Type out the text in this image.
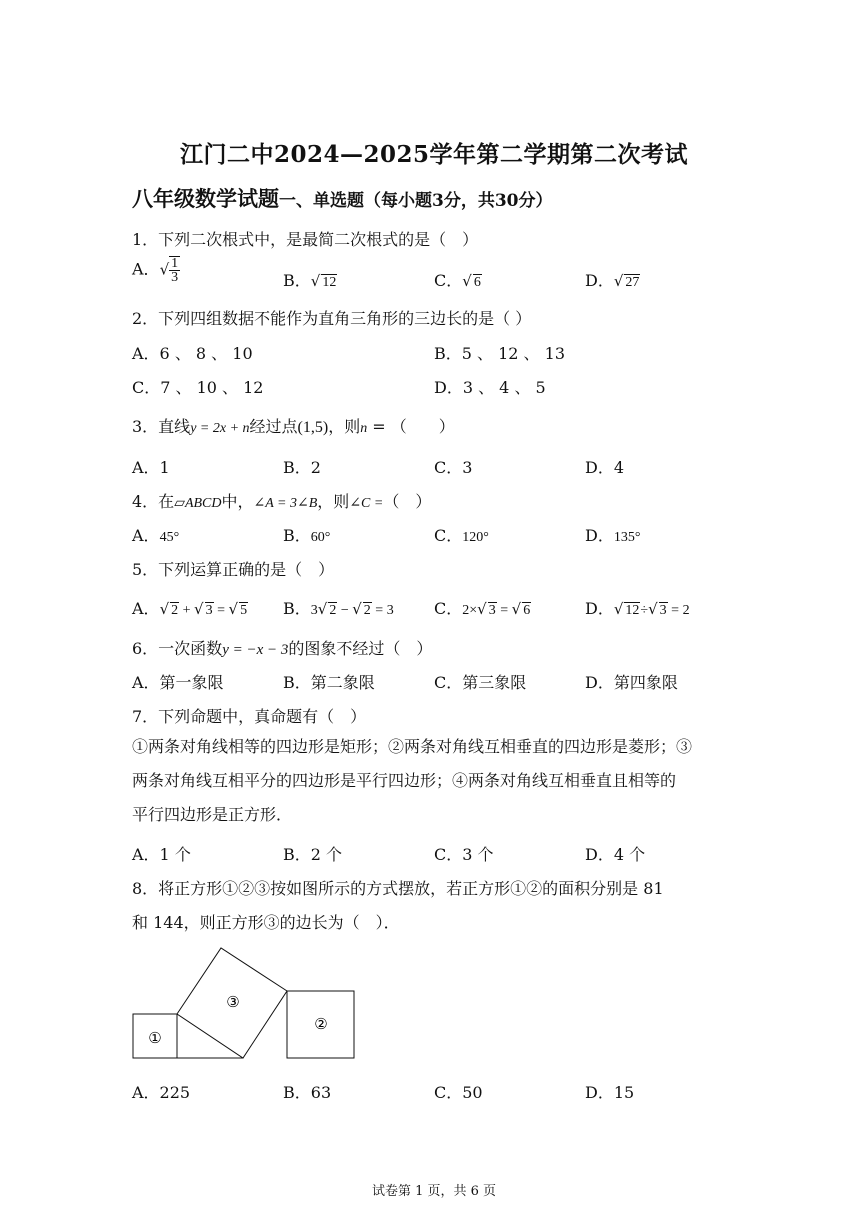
江门二中2024—2025学年第二学期第二次考试
八年级数学试题一、单选题（每小题3分，共30分）
1．下列二次根式中，是最简二次根式的是（　）
A．√ $\frac{1}{3}$	B．√ 12	C．√ 6	D．√ 27
2．下列四组数据不能作为直角三角形的三边长的是（ ）
A．6 、 8 、 10	B．5 、 12 、 13
C．7 、 10 、 12	D．3 、 4 、 5
3．直线y = 2x + n经过点(1,5)，则n = （　　）
A．1	B．2	C．3	D．4
4．在▱ABCD中，∠A = 3∠B，则∠C =（　）
A．45°	B．60°	C．120°	D．135°
5．下列运算正确的是（　）
A．√ 2 + √ 3 = √ 5 B．3√ 2 − √ 2 = 3	C．2×√ 3 = √ 6	D．√ 12÷√ 3 = 2
6．一次函数y = −x − 3的图象不经过（　）
A．第一象限	B．第二象限	C．第三象限	D．第四象限
7．下列命题中，真命题有（　）
①两条对角线相等的四边形是矩形；②两条对角线互相垂直的四边形是菱形；③
两条对角线互相平分的四边形是平行四边形；④两条对角线互相垂直且相等的
平行四边形是正方形．
A．1 个	B．2 个	C．3 个	D．4 个
8．将正方形①②③按如图所示的方式摆放，若正方形①②的面积分别是 81
和 144，则正方形③的边长为（　）．
①
②
③
A．225	B．63	C．50	D．15
试卷第 1 页，共 6 页
